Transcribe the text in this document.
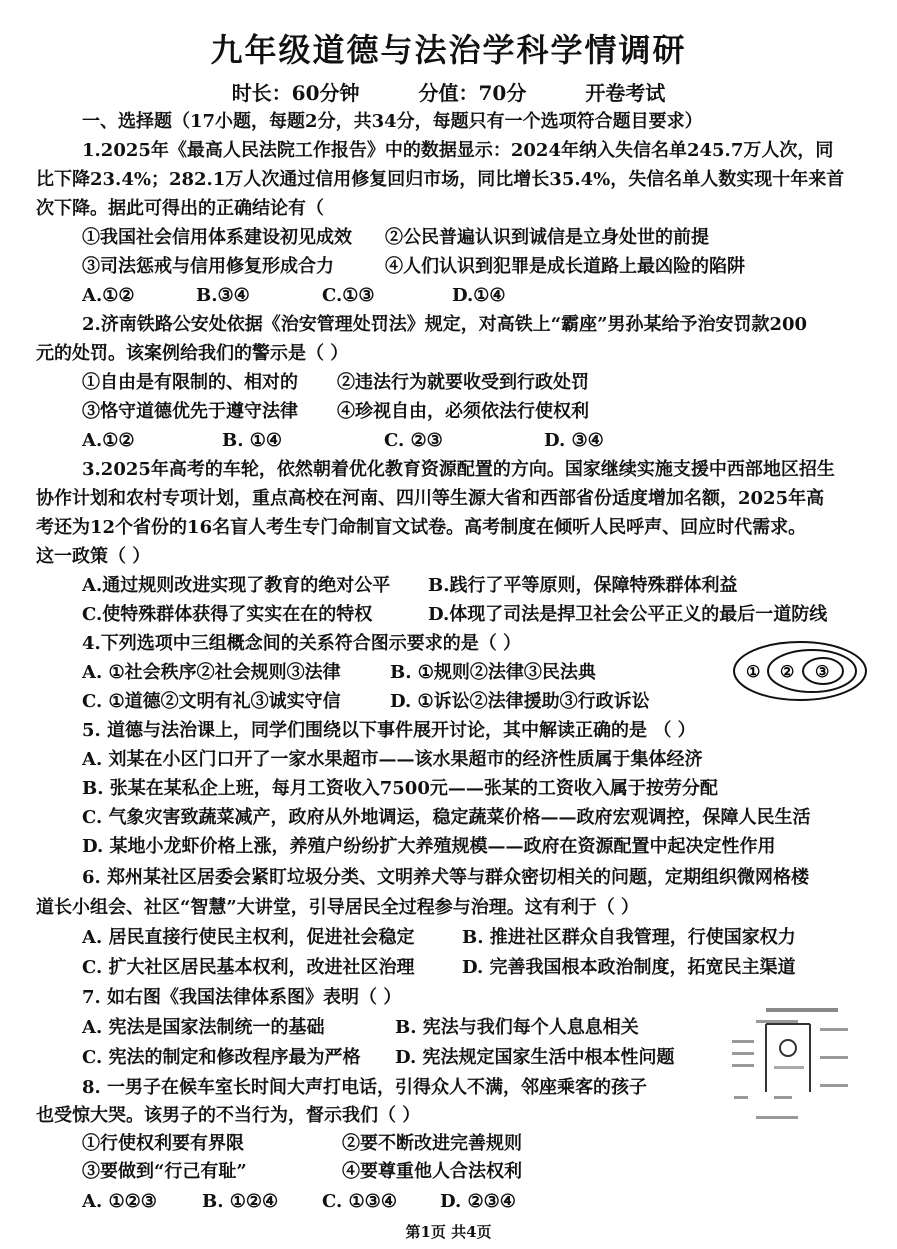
九年级道德与法治学科学情调研
时长：60分钟	分值：70分	开卷考试
一、选择题（17小题，每题2分，共34分，每题只有一个选项符合题目要求）
1.2025年《最高人民法院工作报告》中的数据显示：2024年纳入失信名单245.7万人次，同
比下降23.4%；282.1万人次通过信用修复回归市场，同比增长35.4%，失信名单人数实现十年来首
次下降。据此可得出的正确结论有（
①我国社会信用体系建设初见成效 ②公民普遍认识到诚信是立身处世的前提
③司法惩戒与信用修复形成合力	④人们认识到犯罪是成长道路上最凶险的陷阱
A.①②	B.③④	C.①③	D.①④
2.济南铁路公安处依据《治安管理处罚法》规定，对高铁上“霸座”男孙某给予治安罚款200
元的处罚。该案例给我们的警示是（ ）
①自由是有限制的、相对的 ②违法行为就要收受到行政处罚
③恪守道德优先于遵守法律 ④珍视自由，必须依法行使权利
A.①②	B. ①④	C. ②③	D. ③④
3.2025年高考的车轮，依然朝着优化教育资源配置的方向。国家继续实施支援中西部地区招生
协作计划和农村专项计划，重点高校在河南、四川等生源大省和西部省份适度增加名额，2025年高
考还为12个省份的16名盲人考生专门命制盲文试卷。高考制度在倾听人民呼声、回应时代需求。
这一政策（ ）
A.通过规则改进实现了教育的绝对公平 B.践行了平等原则，保障特殊群体利益
C.使特殊群体获得了实实在在的特权	D.体现了司法是捍卫社会公平正义的最后一道防线
4.下列选项中三组概念间的关系符合图示要求的是（ ）
A. ①社会秩序②社会规则③法律	B. ①规则②法律③民法典
C. ①道德②文明有礼③诚实守信	D. ①诉讼②法律援助③行政诉讼
① ② ③
5. 道德与法治课上，同学们围绕以下事件展开讨论，其中解读正确的是 （ ）
A. 刘某在小区门口开了一家水果超市——该水果超市的经济性质属于集体经济
B. 张某在某私企上班，每月工资收入7500元——张某的工资收入属于按劳分配
C. 气象灾害致蔬菜减产，政府从外地调运，稳定蔬菜价格——政府宏观调控，保障人民生活
D. 某地小龙虾价格上涨，养殖户纷纷扩大养殖规模——政府在资源配置中起决定性作用
6. 郑州某社区居委会紧盯垃圾分类、文明养犬等与群众密切相关的问题，定期组织微网格楼
道长小组会、社区“智慧”大讲堂，引导居民全过程参与治理。这有利于（ ）
A. 居民直接行使民主权利，促进社会稳定	B. 推进社区群众自我管理，行使国家权力
C. 扩大社区居民基本权利，改进社区治理	D. 完善我国根本政治制度，拓宽民主渠道
7. 如右图《我国法律体系图》表明（ ）
A. 宪法是国家法制统一的基础	B. 宪法与我们每个人息息相关
C. 宪法的制定和修改程序最为严格 D. 宪法规定国家生活中根本性问题
8. 一男子在候车室长时间大声打电话，引得众人不满，邻座乘客的孩子
也受惊大哭。该男子的不当行为，督示我们（ ）
①行使权利要有界限	②要不断改进完善规则
③要做到“行己有耻”	④要尊重他人合法权利
A. ①②③	B. ①②④ C. ①③④ D. ②③④
第1页 共4页
